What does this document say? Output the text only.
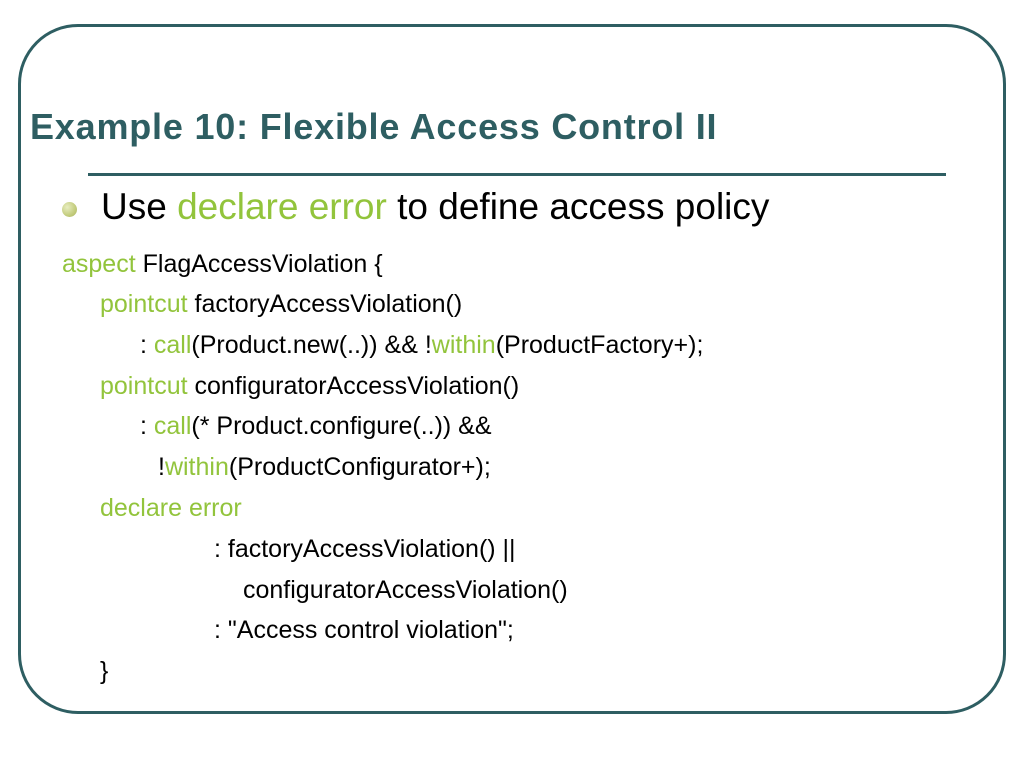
Example 10: Flexible Access Control II
Use declare error to define access policy
aspect FlagAccessViolation {
pointcut factoryAccessViolation()
: call(Product.new(..)) && !within(ProductFactory+);
pointcut configuratorAccessViolation()
: call(* Product.configure(..)) &&
!within(ProductConfigurator+);
declare error
: factoryAccessViolation() ||
configuratorAccessViolation()
: "Access control violation";
}
